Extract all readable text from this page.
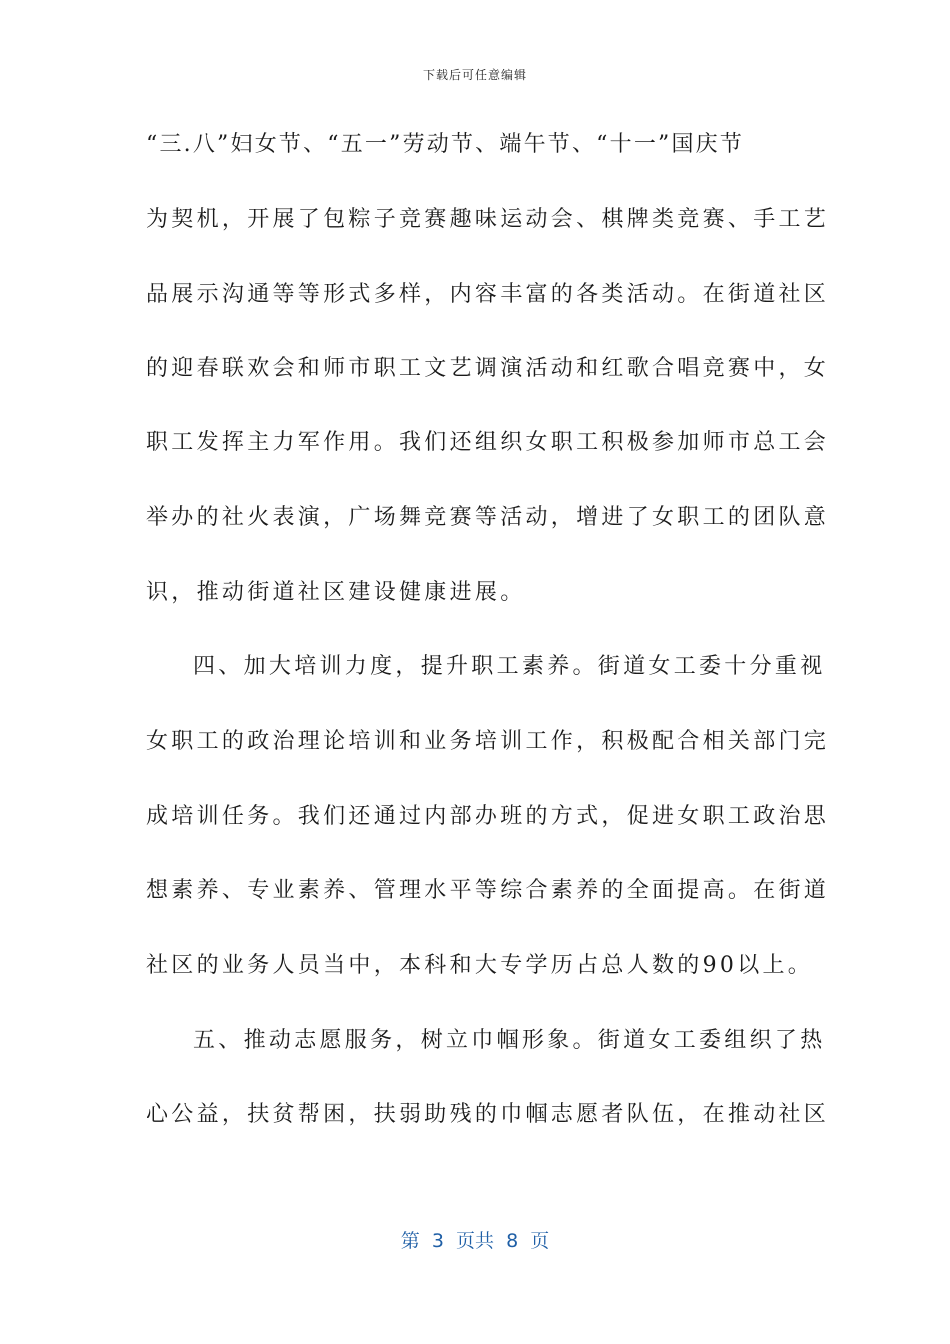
下载后可任意编辑
“三.八”妇女节、“五一”劳动节、端午节、“十一”国庆节
为契机，开展了包粽子竞赛趣味运动会、棋牌类竞赛、手工艺
品展示沟通等等形式多样，内容丰富的各类活动。在街道社区
的迎春联欢会和师市职工文艺调演活动和红歌合唱竞赛中，女
职工发挥主力军作用。我们还组织女职工积极参加师市总工会
举办的社火表演，广场舞竞赛等活动，增进了女职工的团队意
识，推动街道社区建设健康进展。
四、加大培训力度，提升职工素养。街道女工委十分重视
女职工的政治理论培训和业务培训工作，积极配合相关部门完
成培训任务。我们还通过内部办班的方式，促进女职工政治思
想素养、专业素养、管理水平等综合素养的全面提高。在街道
社区的业务人员当中，本科和大专学历占总人数的90以上。
五、推动志愿服务，树立巾帼形象。街道女工委组织了热
心公益，扶贫帮困，扶弱助残的巾帼志愿者队伍，在推动社区
第  3  页共  8  页
